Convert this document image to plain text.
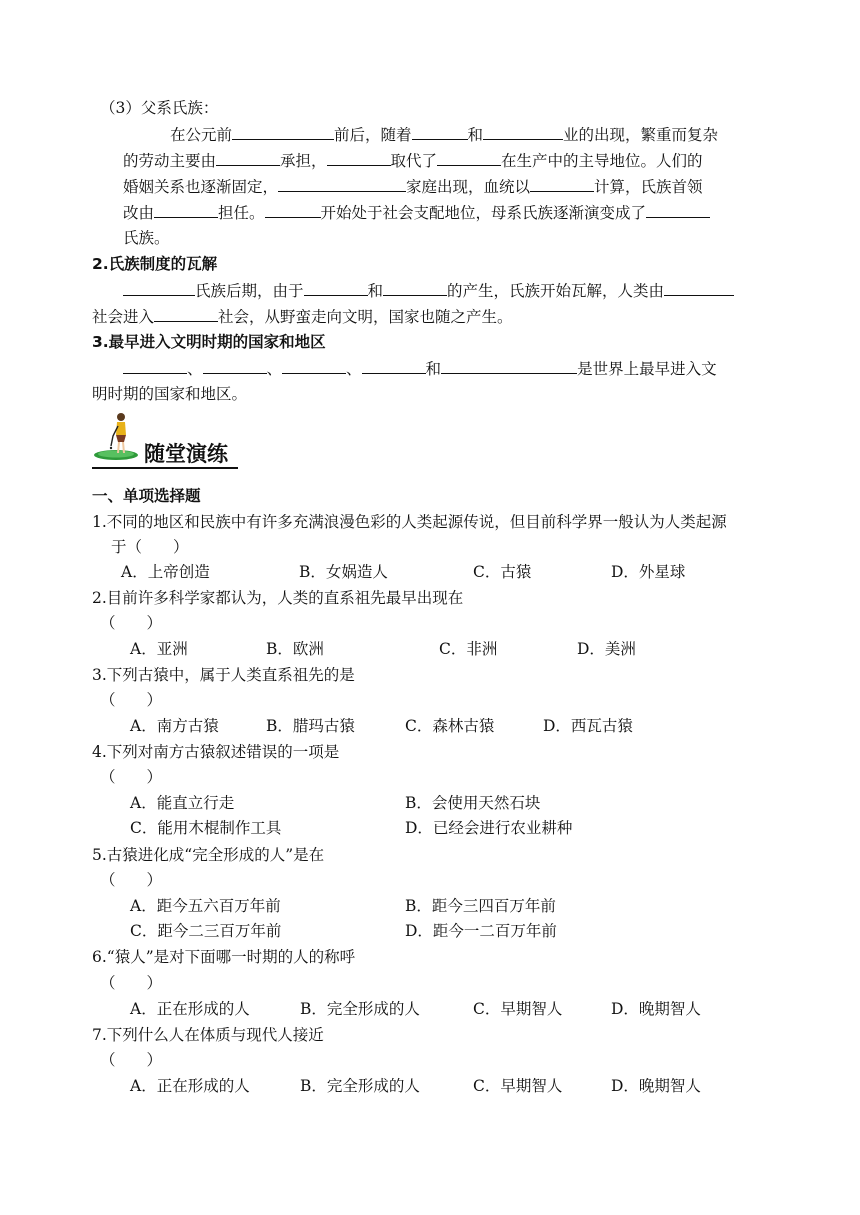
（3）父系氏族：
在公元前	前后，随着	和	业的出现，繁重而复杂
的劳动主要由	承担，	取代了	在生产中的主导地位。人们的
婚姻关系也逐渐固定，	家庭出现，血统以	计算，氏族首领
改由	担任。	开始处于社会支配地位，母系氏族逐渐演变成了
氏族。
2.氏族制度的瓦解
氏族后期，由于	和	的产生，氏族开始瓦解，人类由
社会进入	社会，从野蛮走向文明，国家也随之产生。
3.最早进入文明时期的国家和地区
、	、	、	和	是世界上最早进入文
明时期的国家和地区。
随堂演练
一、单项选择题
1.不同的地区和民族中有许多充满浪漫色彩的人类起源传说，但目前科学界一般认为人类起源
于（　　）
A．上帝创造	B．女娲造人	C．古猿	D．外星球
2.目前许多科学家都认为，人类的直系祖先最早出现在
（　　）
A．亚洲	B．欧洲	C．非洲	D．美洲
3.下列古猿中，属于人类直系祖先的是
（　　）
A．南方古猿	B．腊玛古猿	C．森林古猿	D．西瓦古猿
4.下列对南方古猿叙述错误的一项是
（　　）
A．能直立行走	B．会使用天然石块
C．能用木棍制作工具	D．已经会进行农业耕种
5.古猿进化成“完全形成的人”是在
（　　）
A．距今五六百万年前	B．距今三四百万年前
C．距今二三百万年前	D．距今一二百万年前
6.“猿人”是对下面哪一时期的人的称呼
（　　）
A．正在形成的人	B．完全形成的人	C．早期智人	D．晚期智人
7.下列什么人在体质与现代人接近
（　　）
A．正在形成的人	B．完全形成的人	C．早期智人	D．晚期智人
